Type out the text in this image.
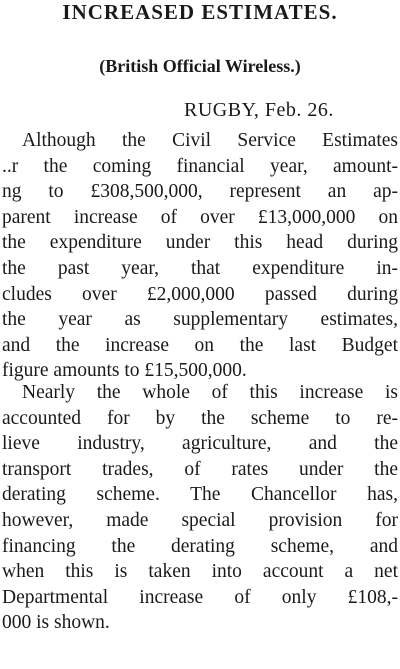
INCREASED ESTIMATES.
(British Official Wireless.)
RUGBY, Feb. 26.
Although the Civil Service Estimates
..r the coming financial year, amount-
ng to £308,500,000, represent an ap-
parent increase of over £13,000,000 on
the expenditure under this head during
the past year, that expenditure in-
cludes over £2,000,000 passed during
the year as supplementary estimates,
and the increase on the last Budget
figure amounts to £15,500,000.
Nearly the whole of this increase is
accounted for by the scheme to re-
lieve industry, agriculture, and the
transport trades, of rates under the
derating scheme. The Chancellor has,
however, made special provision for
financing the derating scheme, and
when this is taken into account a net
Departmental increase of only £108,-
000 is shown.
